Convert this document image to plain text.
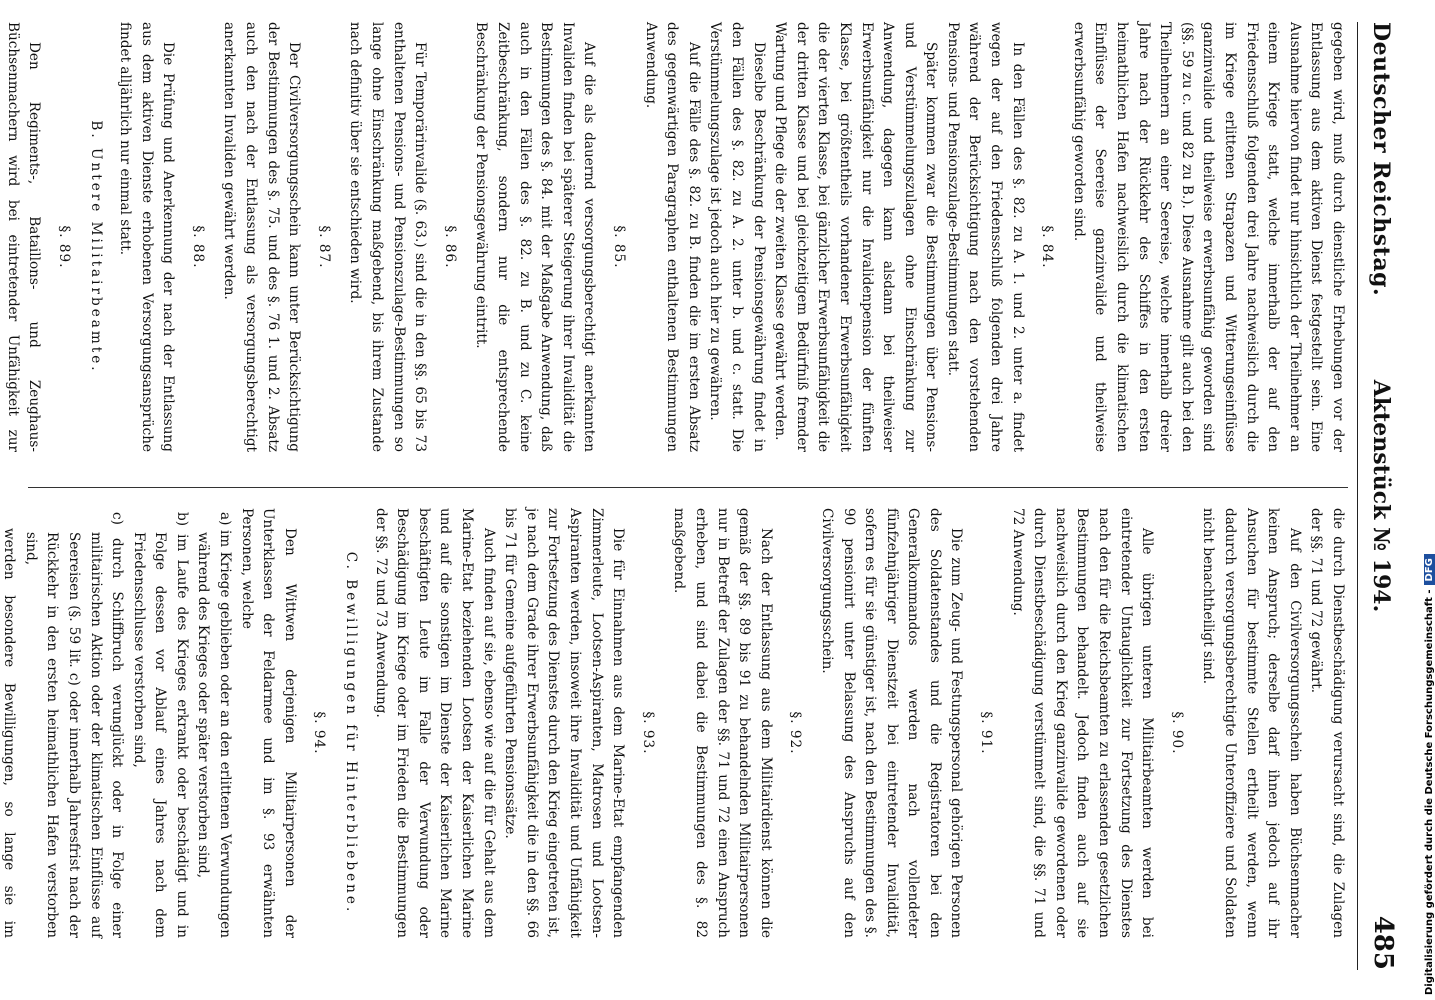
Deutscher Reichstag.
Aktenstück № 194.
485

gegeben wird, muß durch dienstliche Erhebungen vor der Entlassung aus dem aktiven Dienst festgestellt sein. Eine Ausnahme hiervon findet nur hinsichtlich der Theilnehmer an einem Kriege statt, welche innerhalb der auf den Friedensschluß folgenden drei Jahre nachweislich durch die im Kriege erlittenen Strapazen und Witterungseinflüsse ganzinvalide und theilweise erwerbsunfähig geworden sind (§§. 59 zu c. und 82 zu B.). Diese Ausnahme gilt auch bei den Theilnehmern an einer Seereise, welche innerhalb dreier Jahre nach der Rückkehr des Schiffes in den ersten heimathlichen Hafen nachweislich durch die klimatischen Einflüsse der Seereise ganzinvalide und theilweise erwerbsunfähig geworden sind.

§. 84.

In den Fällen des §. 82. zu A. 1. und 2. unter a. findet wegen der auf den Friedensschluß folgenden drei Jahre während der Berücksichtigung nach den vorstehenden Pensions- und Pensionszulage-Bestimmungen statt.

Später kommen zwar die Bestimmungen über Pensions- und Verstümmelungszulagen ohne Einschränkung zur Anwendung, dagegen kann alsdann bei theilweiser Erwerbsunfähigkeit nur die Invalidenpension der fünften Klasse, bei größtentheils vorhandener Erwerbsunfähigkeit die der vierten Klasse, bei gänzlicher Erwerbsunfähigkeit die der dritten Klasse und bei gleichzeitigem Bedürfniß fremder Wartung und Pflege die der zweiten Klasse gewährt werden.

Dieselbe Beschränkung der Pensionsgewährung findet in den Fällen des §. 82. zu A. 2. unter b. und c. statt. Die Verstümmelungszulage ist jedoch auch hier zu gewähren.

Auf die Fälle des §. 82. zu B. finden die im ersten Absatz des gegenwärtigen Paragraphen enthaltenen Bestimmungen Anwendung.

§. 85.

Auf die als dauernd versorgungsberechtigt anerkannten Invaliden finden bei späterer Steigerung ihrer Invalidität die Bestimmungen des §. 84. mit der Maßgabe Anwendung, daß auch in den Fällen des §. 82. zu B. und zu C. keine Zeitbeschränkung, sondern nur die entsprechende Beschränkung der Pensionsgewährung eintritt.

§. 86.

Für Temporärinvalide (§. 63.) sind die in den §§. 65 bis 73 enthaltenen Pensions- und Pensionszulage-Bestimmungen so lange ohne Einschränkung maßgebend, bis ihrem Zustande nach definitiv über sie entschieden wird.

§. 87.

Der Civilversorgungsschein kann unter Berücksichtigung der Bestimmungen des §. 75. und des §. 76 1. und 2. Absatz auch den nach der Entlassung als versorgungsberechtigt anerkannten Invaliden gewährt werden.

§. 88.

Die Prüfung und Anerkennung der nach der Entlassung aus dem aktiven Dienste erhobenen Versorgungsansprüche findet alljährlich nur einmal statt.

B. Untere Militairbeamte.

§. 89.

Den Regiments-, Bataillons- und Zeughaus-Büchsenmachern wird bei eintretender Unfähigkeit zur

die durch Dienstbeschädigung verursacht sind, die Zulagen der §§. 71 und 72 gewährt.

Auf den Civilversorgungsschein haben Büchsenmacher keinen Anspruch; derselbe darf ihnen jedoch auf ihr Ansuchen für bestimmte Stellen ertheilt werden, wenn dadurch versorgungsberechtigte Unteroffiziere und Soldaten nicht benachtheiligt sind.

§. 90.

Alle übrigen unteren Militairbeamten werden bei eintretender Untauglichkeit zur Fortsetzung des Dienstes nach den für die Reichsbeamten zu erlassenden gesetzlichen Bestimmungen behandelt. Jedoch finden auch auf sie nachweislich durch den Krieg ganzinvalide gewordenen oder durch Dienstbeschädigung verstümmelt sind, die §§. 71 und 72 Anwendung.

§. 91.

Die zum Zeug- und Festungspersonal gehörigen Personen des Soldatenstandes und die Registratoren bei den Generalkommandos werden nach vollendeter fünfzehnjähriger Dienstzeit bei eintretender Invalidität, sofern es für sie günstiger ist, nach den Bestimmungen des §. 90 pensionirt unter Belassung des Anspruchs auf den Civilversorgungsschein.

§. 92.

Nach der Entlassung aus dem Militairdienst können die gemäß der §§. 89 bis 91 zu behandelnden Militairpersonen nur in Betreff der Zulagen der §§. 71 und 72 einen Anspruch erheben, und sind dabei die Bestimmungen des §. 82 maßgebend.

§. 93.

Die für Einnahmen aus dem Marine-Etat empfangenden Zimmerleute, Lootsen-Aspiranten, Matrosen und Lootsen-Aspiranten werden, insoweit ihre Invalidität und Unfähigkeit zur Fortsetzung des Dienstes durch den Krieg eingetreten ist, je nach dem Grade ihrer Erwerbsunfähigkeit die in den §§. 66 bis 71 für Gemeine aufgeführten Pensionssätze.

Auch finden auf sie, ebenso wie auf die für Gehalt aus dem Marine-Etat beziehenden Lootsen der Kaiserlichen Marine und auf die sonstigen im Dienste der Kaiserlichen Marine beschäftigten Leute im Falle der Verwundung oder Beschädigung im Kriege oder im Frieden die Bestimmungen der §§. 72 und 73 Anwendung.

C. Bewilligungen für Hinterbliebene.

§. 94.

Den Wittwen derjenigen Militairpersonen der Unterklassen der Feldarmee und im §. 93 erwähnten Personen, welche

a) im Kriege geblieben oder an den erlittenen Verwundungen während des Krieges oder später verstorben sind,

b) im Laufe des Krieges erkrankt oder beschädigt und in Folge dessen vor Ablauf eines Jahres nach dem Friedensschlusse verstorben sind,

c) durch Schiffbruch verunglückt oder in Folge einer militairischen Aktion oder der klimatischen Einflüsse auf Seereisen (§. 59 lit. c) oder innerhalb Jahresfrist nach der Rückkehr in den ersten heimathlichen Hafen verstorben sind,

werden besondere Bewilligungen, so lange sie im	Digitalisierung gefördert durch die Deutsche Forschungsgemeinschaft -DFG
